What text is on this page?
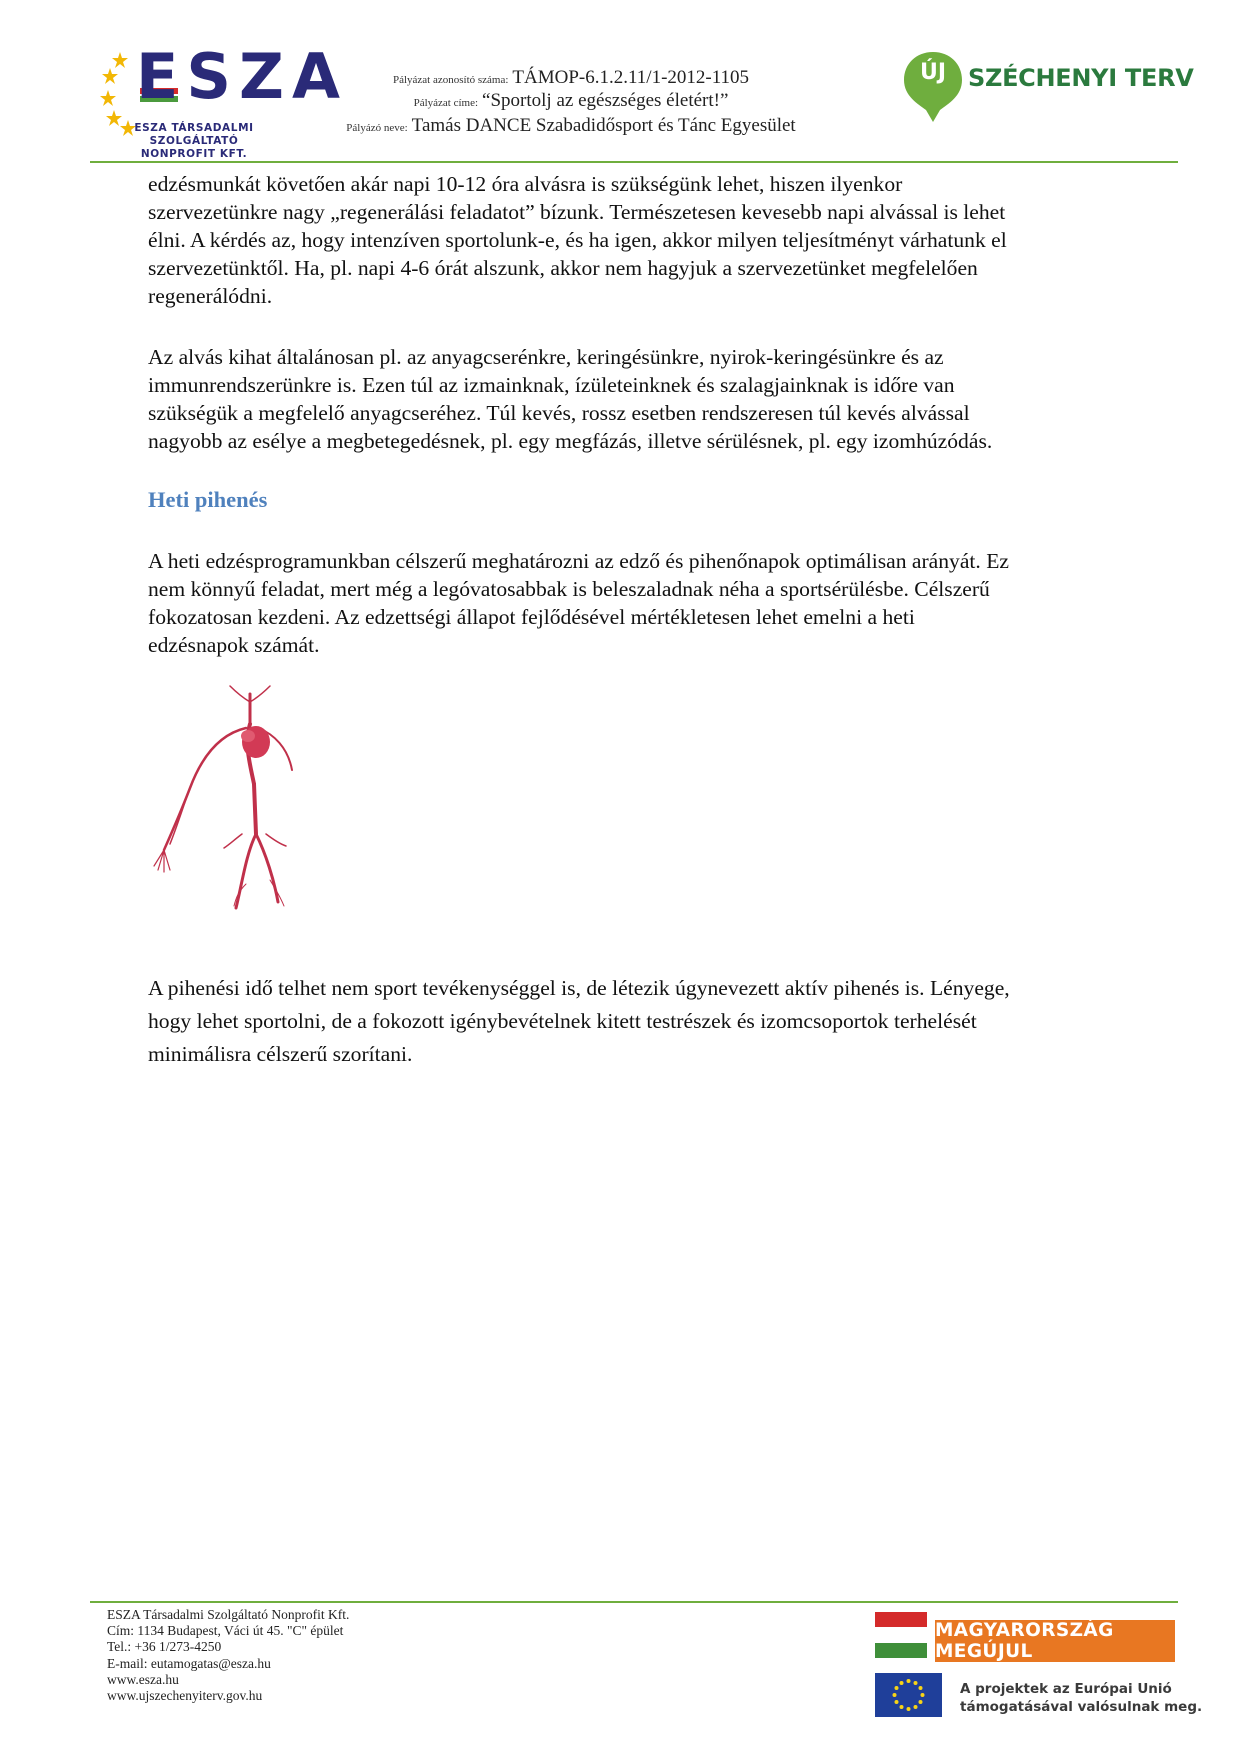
ESZA
ESZA TÁRSADALMI SZOLGÁLTATÓ
NONPROFIT KFT.
Pályázat azonosító száma: TÁMOP-6.1.2.11/1-2012-1105
Pályázat címe: “Sportolj az egészséges életért!”
Pályázó neve: Tamás DANCE Szabadidősport és Tánc Egyesület
ÚJ SZÉCHENYI TERV

edzésmunkát követően akár napi 10-12 óra alvásra is szükségünk lehet, hiszen ilyenkor

szervezetünkre nagy „regenerálási feladatot” bízunk. Természetesen kevesebb napi alvással is lehet

élni. A kérdés az, hogy intenzíven sportolunk-e, és ha igen, akkor milyen teljesítményt várhatunk el

szervezetünktől. Ha, pl. napi 4-6 órát alszunk, akkor nem hagyjuk a szervezetünket megfelelően

regenerálódni.

Az alvás kihat általánosan pl. az anyagcserénkre, keringésünkre, nyirok-keringésünkre és az

immunrendszerünkre is. Ezen túl az izmainknak, ízületeinknek és szalagjainknak is időre van

szükségük a megfelelő anyagcseréhez. Túl kevés, rossz esetben rendszeresen túl kevés alvással

nagyobb az esélye a megbetegedésnek, pl. egy megfázás, illetve sérülésnek, pl. egy izomhúzódás.

Heti pihenés

A heti edzésprogramunkban célszerű meghatározni az edző és pihenőnapok optimálisan arányát. Ez

nem könnyű feladat, mert még a legóvatosabbak is beleszaladnak néha a sportsérülésbe. Célszerű

fokozatosan kezdeni. Az edzettségi állapot fejlődésével mértékletesen lehet emelni a heti

edzésnapok számát.

A pihenési idő telhet nem sport tevékenységgel is, de létezik úgynevezett aktív pihenés is. Lényege,

hogy lehet sportolni, de a fokozott igénybevételnek kitett testrészek és izomcsoportok terhelését

minimálisra célszerű szorítani.

ESZA Társadalmi Szolgáltató Nonprofit Kft.
Cím: 1134 Budapest, Váci út 45. "C" épület
Tel.: +36 1/273-4250
E-mail: eutamogatas@esza.hu
www.esza.hu
www.ujszechenyiterv.gov.hu
MAGYARORSZÁG MEGÚJUL
A projektek az Európai Unió
támogatásával valósulnak meg.
